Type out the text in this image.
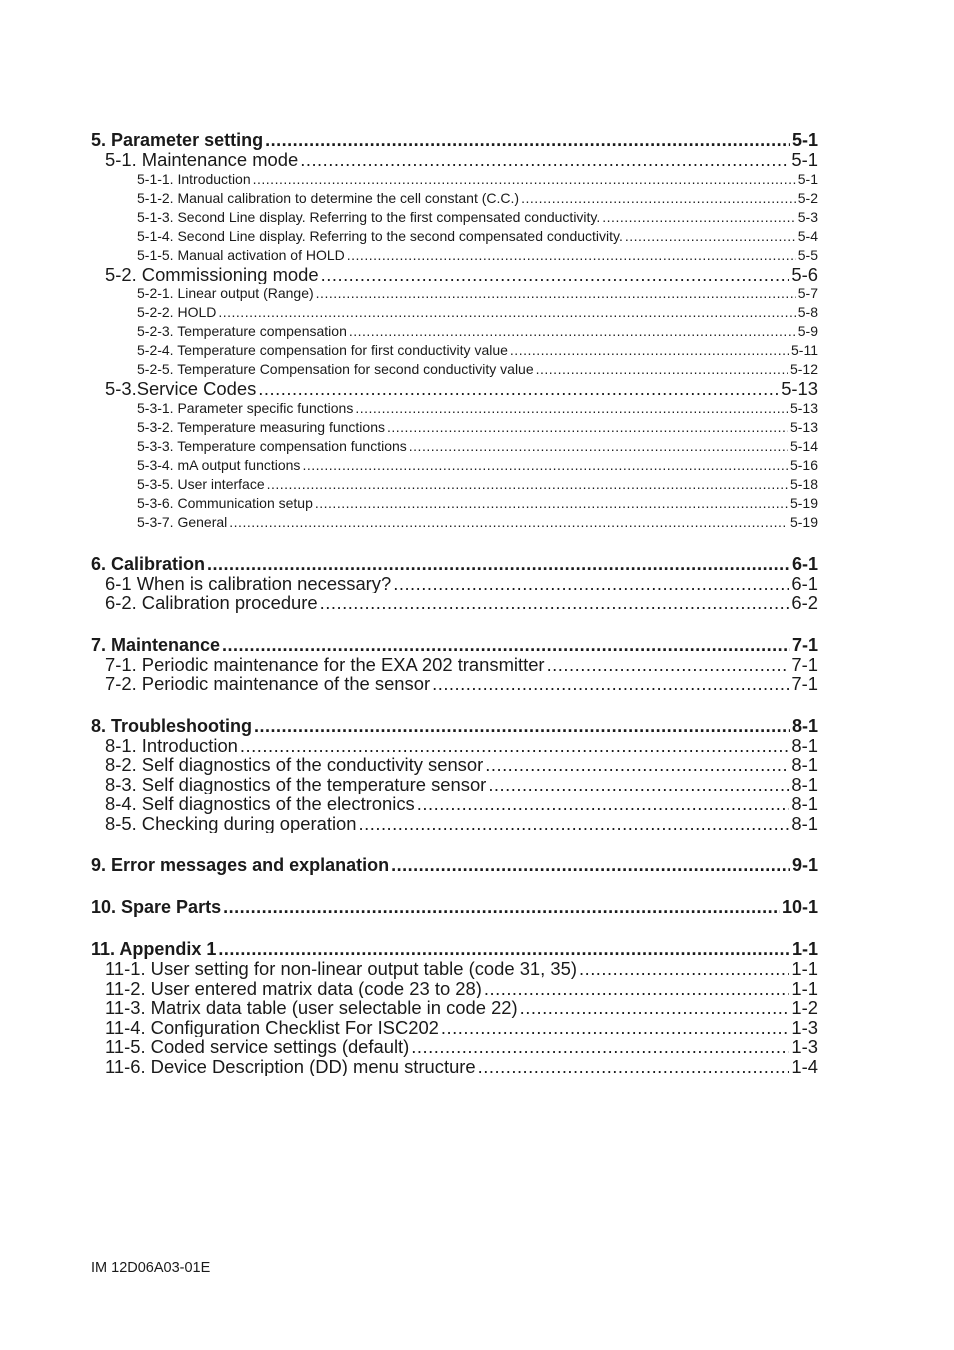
5. Parameter setting .....	5-1
5-1. Maintenance mode .....	5-1
5-1-1. Introduction .....	5-1
5-1-2. Manual calibration to determine the cell constant (C.C.) .....	5-2
5-1-3. Second Line display. Referring to the first compensated conductivity. .....	5-3
5-1-4. Second Line display. Referring to the second compensated conductivity. .....	5-4
5-1-5. Manual activation of HOLD .....	5-5
5-2. Commissioning mode .....	5-6
5-2-1. Linear output (Range) .....	5-7
5-2-2. HOLD .....	5-8
5-2-3. Temperature compensation .....	5-9
5-2-4. Temperature compensation for first conductivity value .....	5-11
5-2-5. Temperature Compensation for second conductivity value .....	5-12
5-3.Service Codes .....	5-13
5-3-1. Parameter specific functions .....	5-13
5-3-2. Temperature measuring functions .....	5-13
5-3-3. Temperature compensation functions .....	5-14
5-3-4. mA output functions .....	5-16
5-3-5. User interface .....	5-18
5-3-6. Communication setup .....	5-19
5-3-7. General .....	5-19
6. Calibration .....	6-1
6-1 When is calibration necessary? .....	6-1
6-2. Calibration procedure .....	6-2
7. Maintenance .....	7-1
7-1. Periodic maintenance for the EXA 202 transmitter .....	7-1
7-2. Periodic maintenance of the sensor .....	7-1
8. Troubleshooting .....	8-1
8-1. Introduction .....	8-1
8-2. Self diagnostics of the conductivity sensor .....	8-1
8-3. Self diagnostics of the temperature sensor .....	8-1
8-4. Self diagnostics of the electronics .....	8-1
8-5. Checking during operation .....	8-1
9. Error messages and explanation .....	9-1
10. Spare Parts .....	10-1
11. Appendix 1 .....	1-1
11-1. User setting for non-linear output table (code 31, 35) .....	1-1
11-2. User entered matrix data (code 23 to 28) .....	1-1
11-3. Matrix data table (user selectable in code 22) .....	1-2
11-4. Configuration Checklist For ISC202 .....	1-3
11-5. Coded service settings (default) .....	1-3
11-6. Device Description (DD) menu structure .....	1-4
IM 12D06A03-01E
